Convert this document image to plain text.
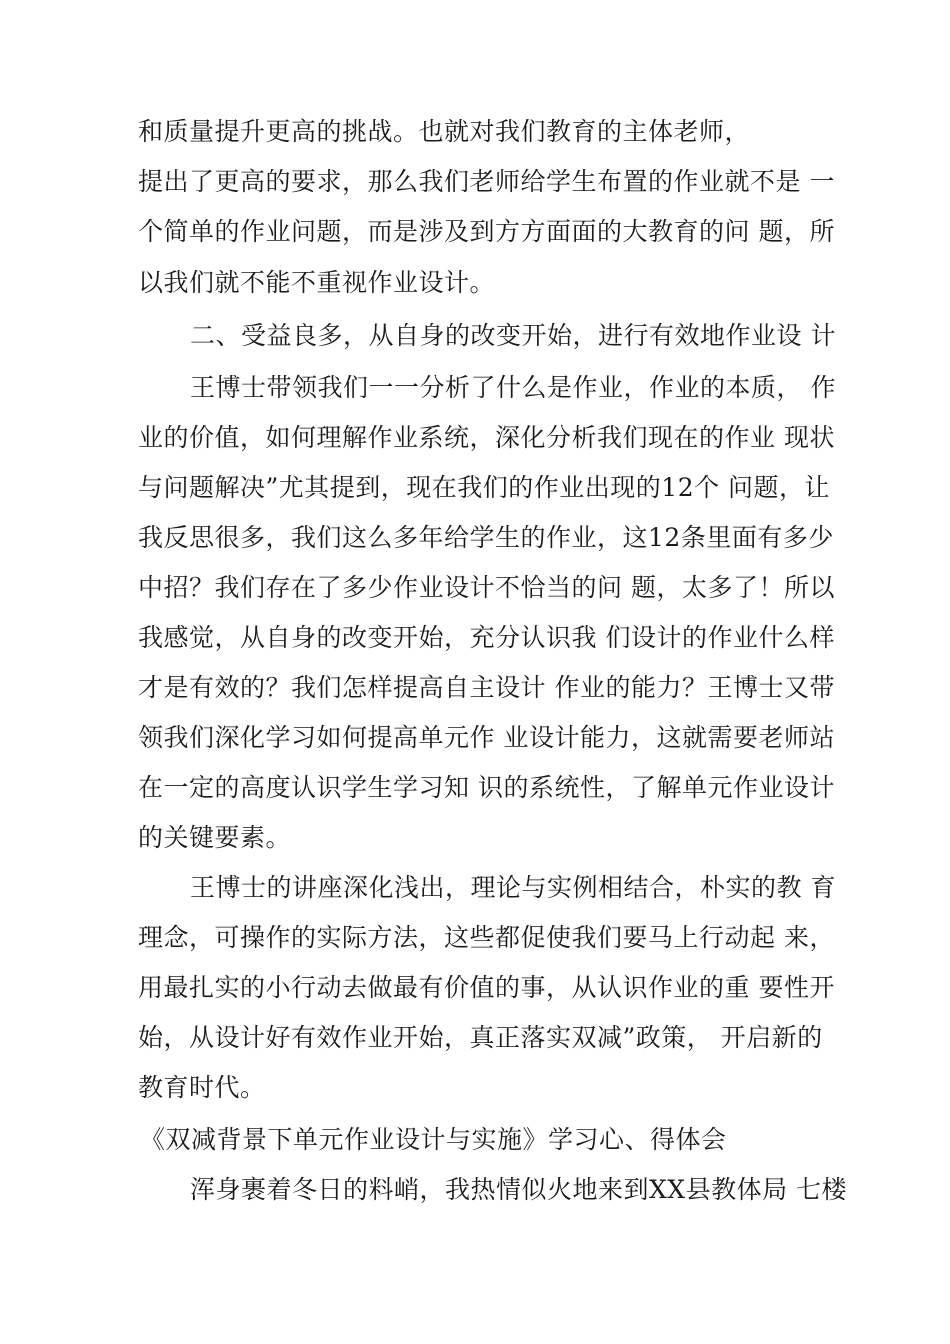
和质量提升更高的挑战。也就对我们教育的主体老师，

提出了更高的要求，那么我们老师给学生布置的作业就不是 一

个简单的作业问题，而是涉及到方方面面的大教育的问 题，所

以我们就不能不重视作业设计。

二、受益良多，从自身的改变开始，进行有效地作业设 计

王博士带领我们一一分析了什么是作业，作业的本质， 作

业的价值，如何理解作业系统，深化分析我们现在的作业 现状

与问题解决”尤其提到，现在我们的作业出现的12个 问题，让

我反思很多，我们这么多年给学生的作业，这12条里面有多少

中招？我们存在了多少作业设计不恰当的问 题，太多了！所以

我感觉，从自身的改变开始，充分认识我 们设计的作业什么样

才是有效的？我们怎样提高自主设计 作业的能力？王博士又带

领我们深化学习如何提高单元作 业设计能力，这就需要老师站

在一定的高度认识学生学习知 识的系统性，了解单元作业设计

的关键要素。

王博士的讲座深化浅出，理论与实例相结合，朴实的教 育

理念，可操作的实际方法，这些都促使我们要马上行动起 来，

用最扎实的小行动去做最有价值的事，从认识作业的重 要性开

始，从设计好有效作业开始，真正落实双减”政策， 开启新的

教育时代。

《双减背景下单元作业设计与实施》学习心、得体会

浑身裹着冬日的料峭，我热情似火地来到XX县教体局 七楼
